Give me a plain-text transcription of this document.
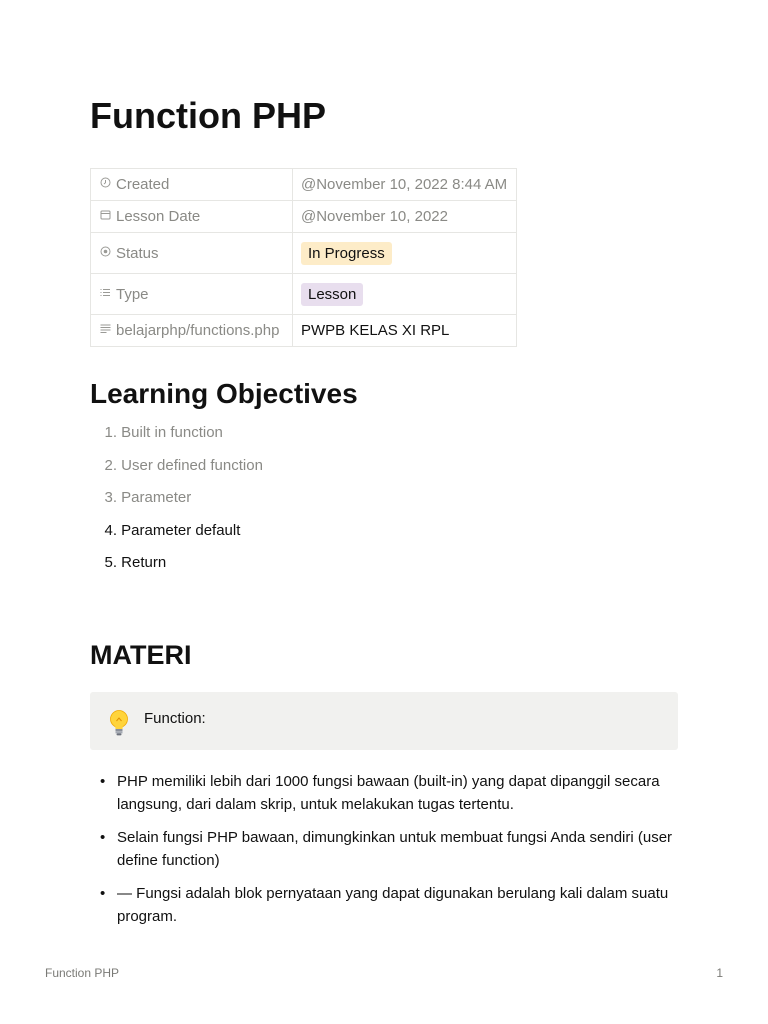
Function PHP
Created	@November 10, 2022 8:44 AM
Lesson Date	@November 10, 2022
Status	In Progress
Type	Lesson
belajarphp/functions.php	PWPB KELAS XI RPL
Learning Objectives
1. Built in function
2. User defined function
3. Parameter
4. Parameter default
5. Return
MATERI
Function:
• PHP memiliki lebih dari 1000 fungsi bawaan (built-in) yang dapat dipanggil secara langsung, dari dalam skrip, untuk melakukan tugas tertentu.
• Selain fungsi PHP bawaan, dimungkinkan untuk membuat fungsi Anda sendiri (user define function)
• — Fungsi adalah blok pernyataan yang dapat digunakan berulang kali dalam suatu program.
Function PHP	1
